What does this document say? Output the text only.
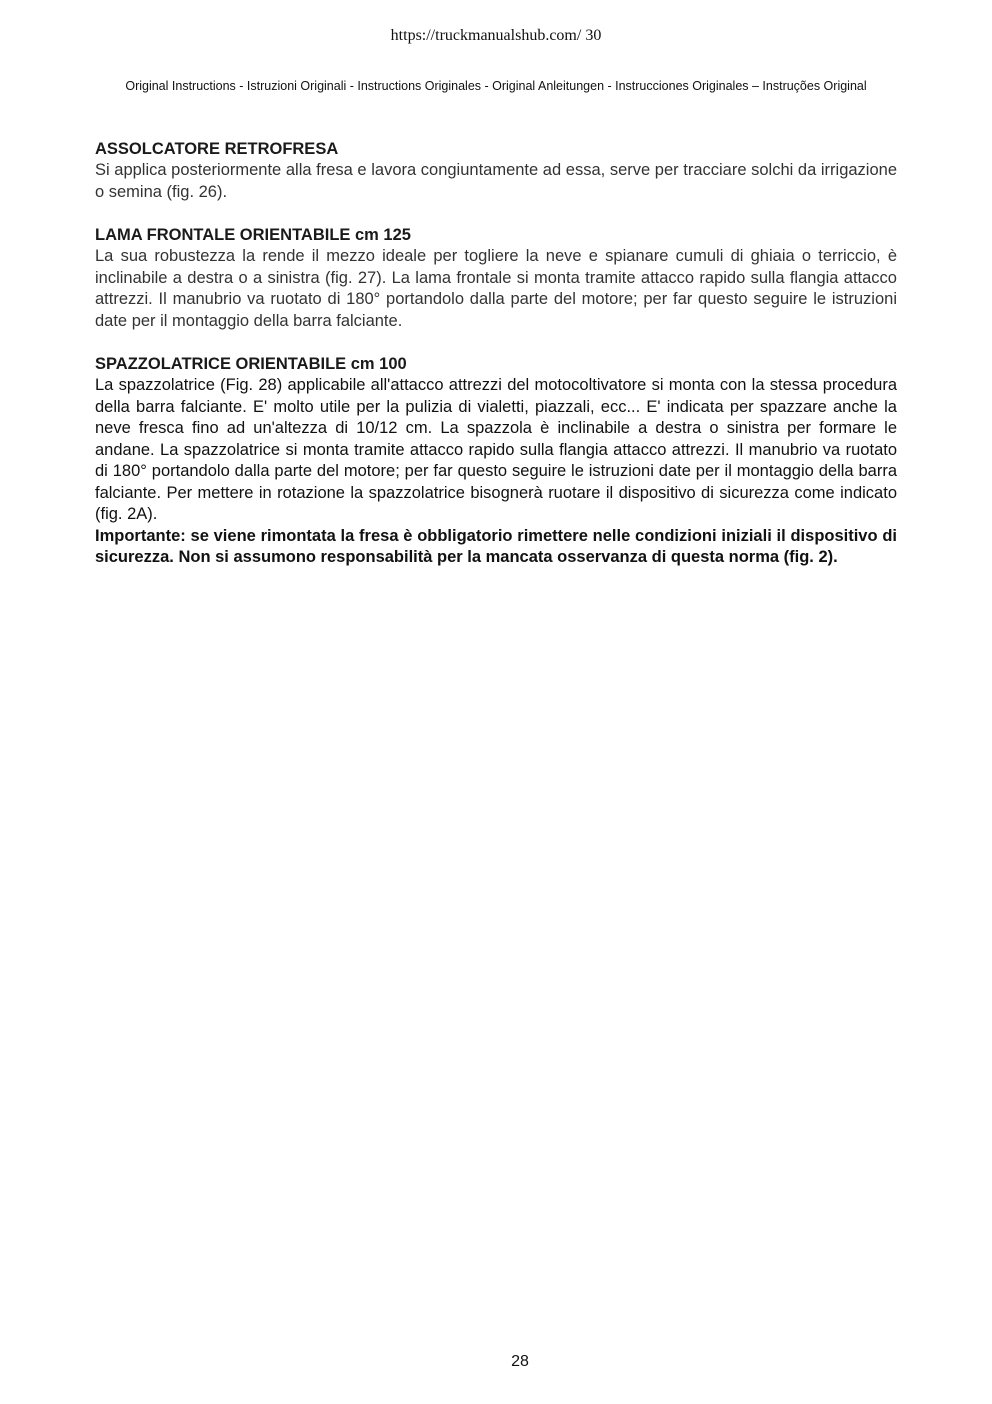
https://truckmanualshub.com/ 30
Original Instructions - Istruzioni Originali - Instructions Originales - Original Anleitungen - Instrucciones Originales – Instruções Original
ASSOLCATORE RETROFRESA

Si applica posteriormente alla fresa e lavora congiuntamente ad essa, serve per tracciare solchi da irrigazione o semina (fig. 26).

LAMA FRONTALE ORIENTABILE cm 125

La sua robustezza la rende il mezzo ideale per togliere la neve e spianare cumuli di ghiaia o terriccio, è inclinabile a destra o a sinistra (fig. 27). La lama frontale si monta tramite attacco rapido sulla flangia attacco attrezzi. Il manubrio va ruotato di 180° portandolo dalla parte del motore; per far questo seguire le istruzioni date per il montaggio della barra falciante.

SPAZZOLATRICE ORIENTABILE cm 100

La spazzolatrice (Fig. 28) applicabile all'attacco attrezzi del motocoltivatore si monta con la stessa procedura della barra falciante. E' molto utile per la pulizia di vialetti, piazzali, ecc... E' indicata per spazzare anche la neve fresca fino ad un'altezza di 10/12 cm. La spazzola è inclinabile a destra o sinistra per formare le andane. La spazzolatrice si monta tramite attacco rapido sulla flangia attacco attrezzi. Il manubrio va ruotato di 180° portandolo dalla parte del motore; per far questo seguire le istruzioni date per il montaggio della barra falciante. Per mettere in rotazione la spazzolatrice bisognerà ruotare il dispositivo di sicurezza come indicato (fig. 2A).

Importante: se viene rimontata la fresa è obbligatorio rimettere nelle condizioni iniziali il dispositivo di sicurezza. Non si assumono responsabilità per la mancata osservanza di questa norma (fig. 2).

28
